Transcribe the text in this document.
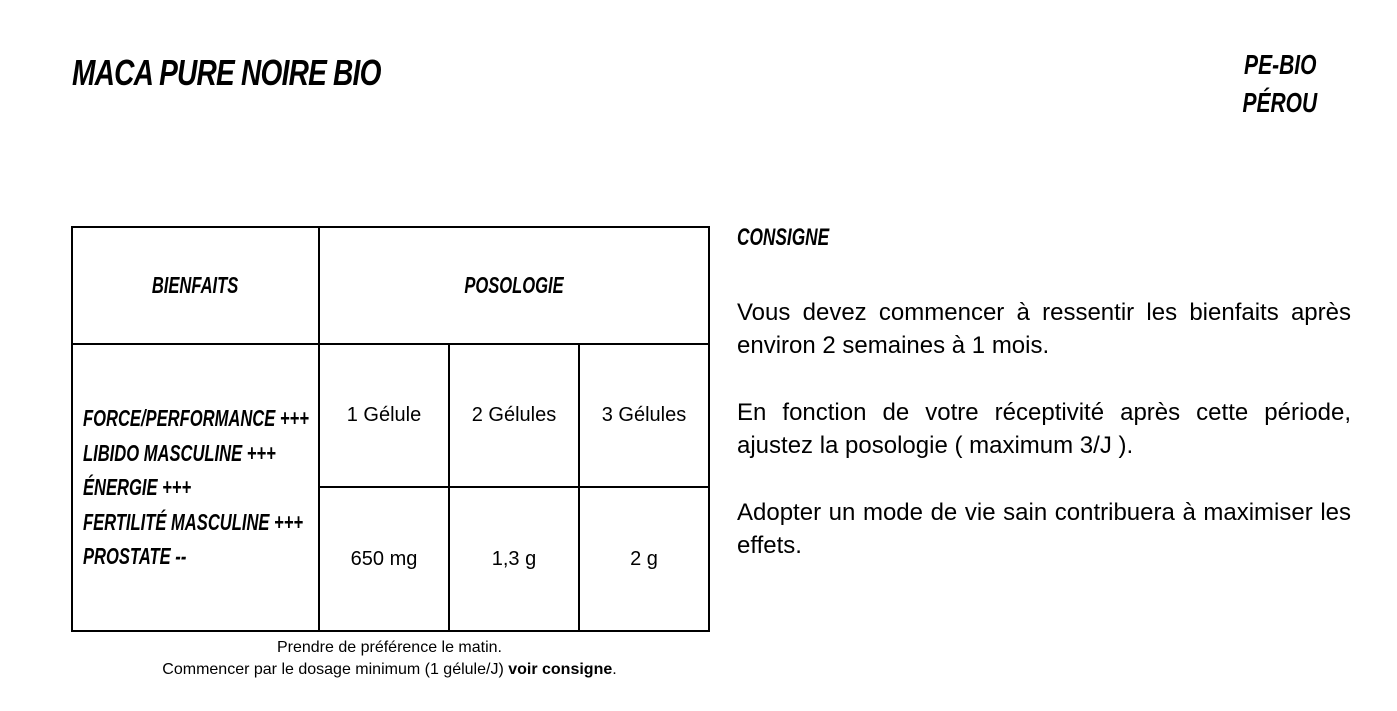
MACA PURE NOIRE BIO	PE-BIO
PÉROU
BIENFAITS	POSOLOGIE		

FORCE/PERFORMANCE +++
LIBIDO MASCULINE +++
ÉNERGIE +++
FERTILITÉ MASCULINE +++
PROSTATE --	1 Gélule	2 Gélules	3 Gélules
	650 mg	1,3 g	2 g
Prendre de préférence le matin.
Commencer par le dosage minimum (1 gélule/J) voir consigne.
CONSIGNE

Vous devez commencer à ressentir les bienfaits après environ 2 semaines à 1 mois.

En fonction de votre réceptivité après cette période, ajustez la posologie ( maximum 3/J ).

Adopter un mode de vie sain contribuera à maximiser les effets.
